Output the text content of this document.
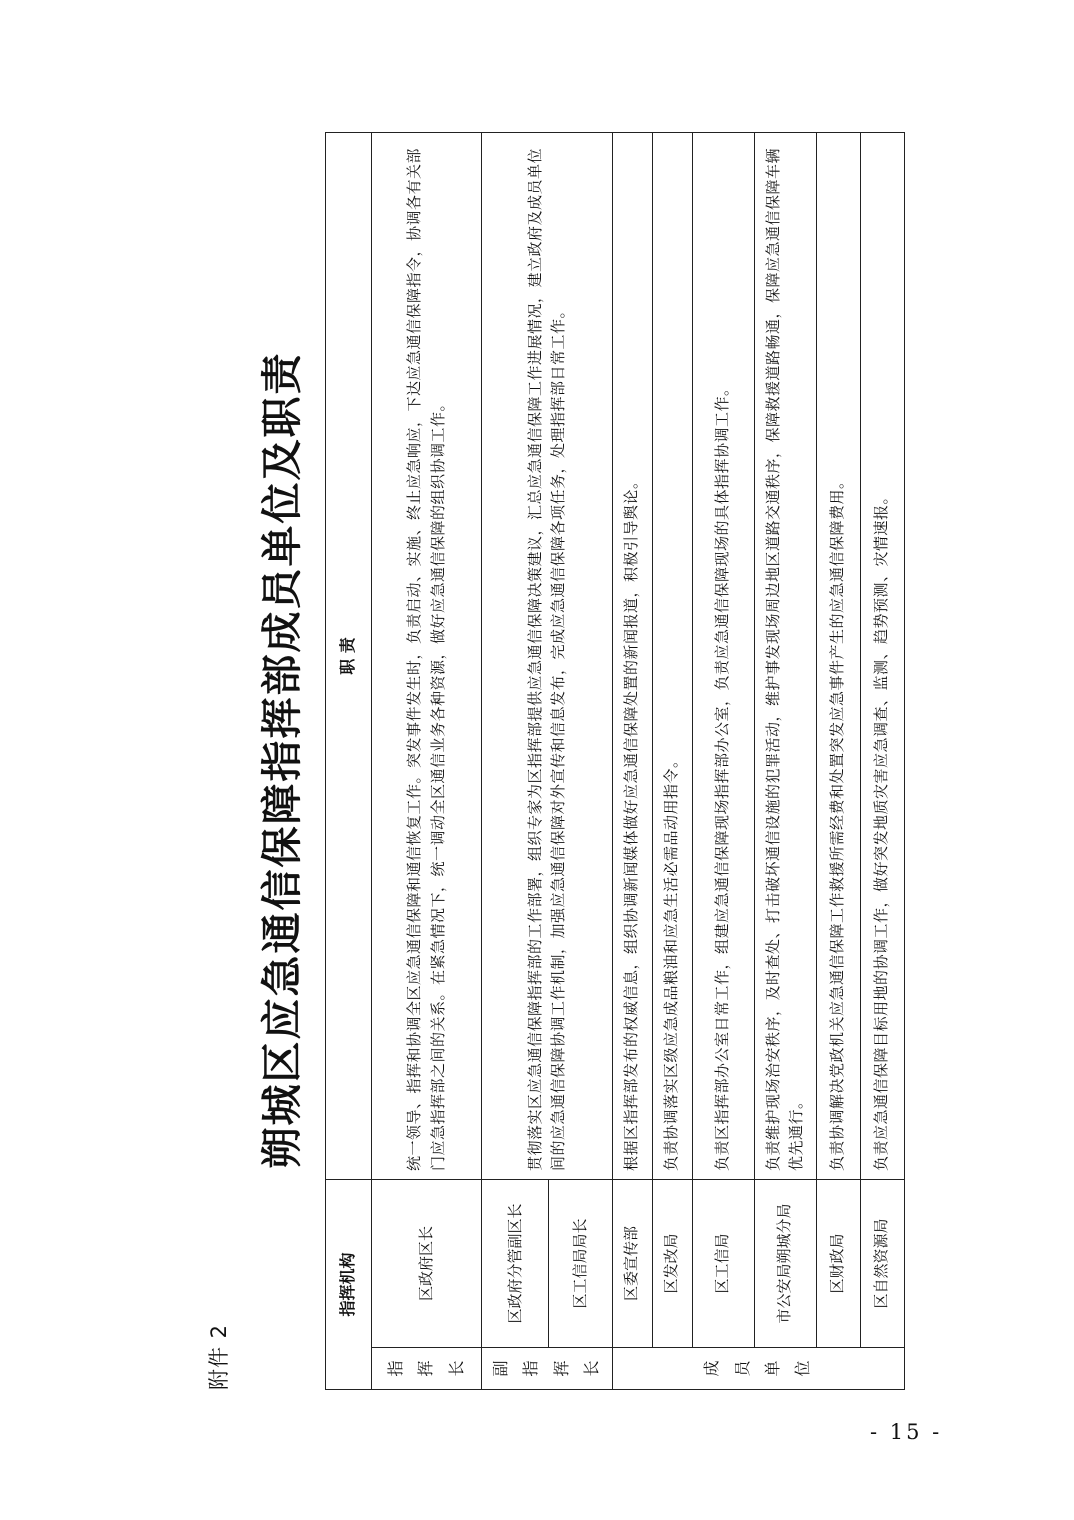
附件 2
朔城区应急通信保障指挥部成员单位及职责
指挥机构		职 责

指挥长	区政府区长	统一领导、指挥和协调全区应急通信保障和通信恢复工作。突发事件发生时，负责启动、实施、终止应急响应，下达应急通信保障指令，协调各有关部门应急指挥部之间的关系。在紧急情况下，统一调动全区通信业务各种资源，做好应急通信保障的组织协调工作。

副指挥长	区政府分管副区长	贯彻落实区应急通信保障指挥部的工作部署，组织专家为区指挥部提供应急通信保障决策建议，汇总应急通信保障工作进展情况，建立政府及成员单位间的应急通信保障协调工作机制，加强应急通信保障对外宣传和信息发布，完成应急通信保障各项任务，处理指挥部日常工作。
	区工信局局长	

成员单位	区委宣传部	根据区指挥部发布的权威信息，组织协调新闻媒体做好应急通信保障处置的新闻报道，积极引导舆论。
	区发改局	负责协调落实区级应急成品粮油和应急生活必需品动用指令。
	区工信局	负责区指挥部办公室日常工作，组建应急通信保障现场指挥部办公室，负责应急通信保障现场的具体指挥协调工作。
	市公安局朔城分局	负责维护现场治安秩序，及时查处、打击破坏通信设施的犯罪活动，维护事发现场周边地区道路交通秩序，保障救援道路畅通，保障应急通信保障车辆优先通行。
	区财政局	负责协调解决党政机关应急通信保障工作救援所需经费和处置突发应急事件产生的应急通信保障费用。
	区自然资源局	负责应急通信保障目标用地的协调工作，做好突发地质灾害应急调查、监测、趋势预测、灾情速报。
- 15 -
